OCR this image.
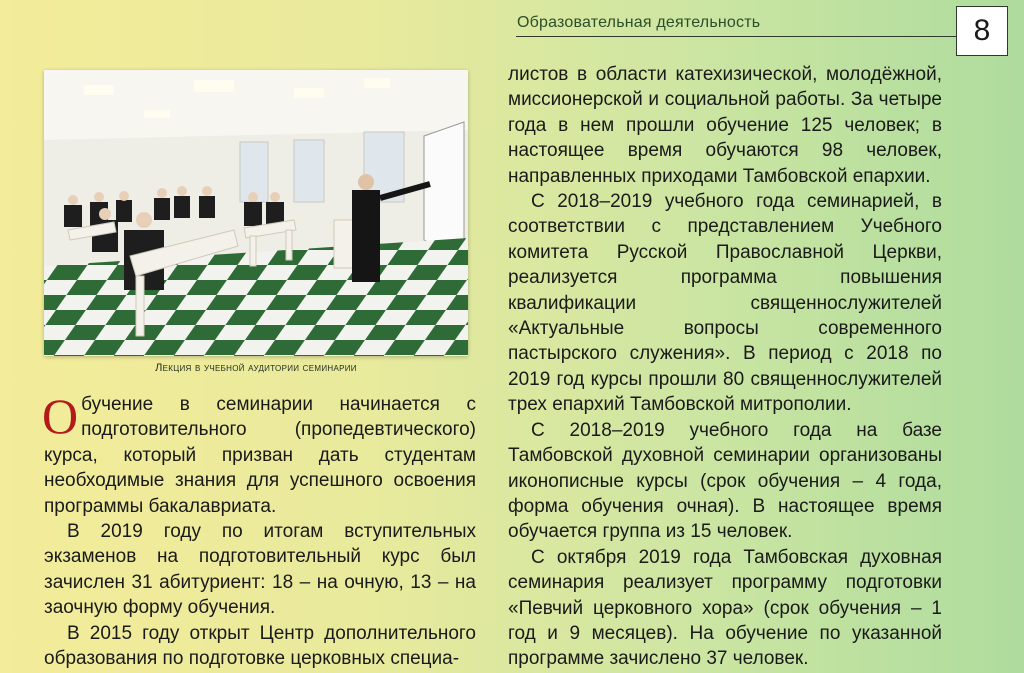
Образовательная деятельность	8
Лекция в учебной аудитории семинарии

Обучение в семинарии начинается с подготовительного (пропедевтического) курса, который призван дать студентам необходимые знания для успешного освоения программы бакалавриата.

В 2019 году по итогам вступительных экзаменов на подготовительный курс был зачислен 31 абитуриент: 18 – на очную, 13 – на заочную форму обучения.

В 2015 году открыт Центр дополнительного образования по подготовке церковных специа-

листов в области катехизической, молодёжной, миссионерской и социальной работы. За четыре года в нем прошли обучение 125 человек; в настоящее время обучаются 98 человек, направленных приходами Тамбовской епархии.

С 2018–2019 учебного года семинарией, в соответствии с представлением Учебного комитета Русской Православной Церкви, реализуется программа повышения квалификации священнослужителей «Актуальные вопросы современного пастырского служения». В период с 2018 по 2019 год курсы прошли 80 священнослужителей трех епархий Тамбовской митрополии.

С 2018–2019 учебного года на базе Тамбовской духовной семинарии организованы иконописные курсы (срок обучения – 4 года, форма обучения очная). В настоящее время обучается группа из 15 человек.

С октября 2019 года Тамбовская духовная семинария реализует программу подготовки «Певчий церковного хора» (срок обучения – 1 год и 9 месяцев). На обучение по указанной программе зачислено 37 человек.
